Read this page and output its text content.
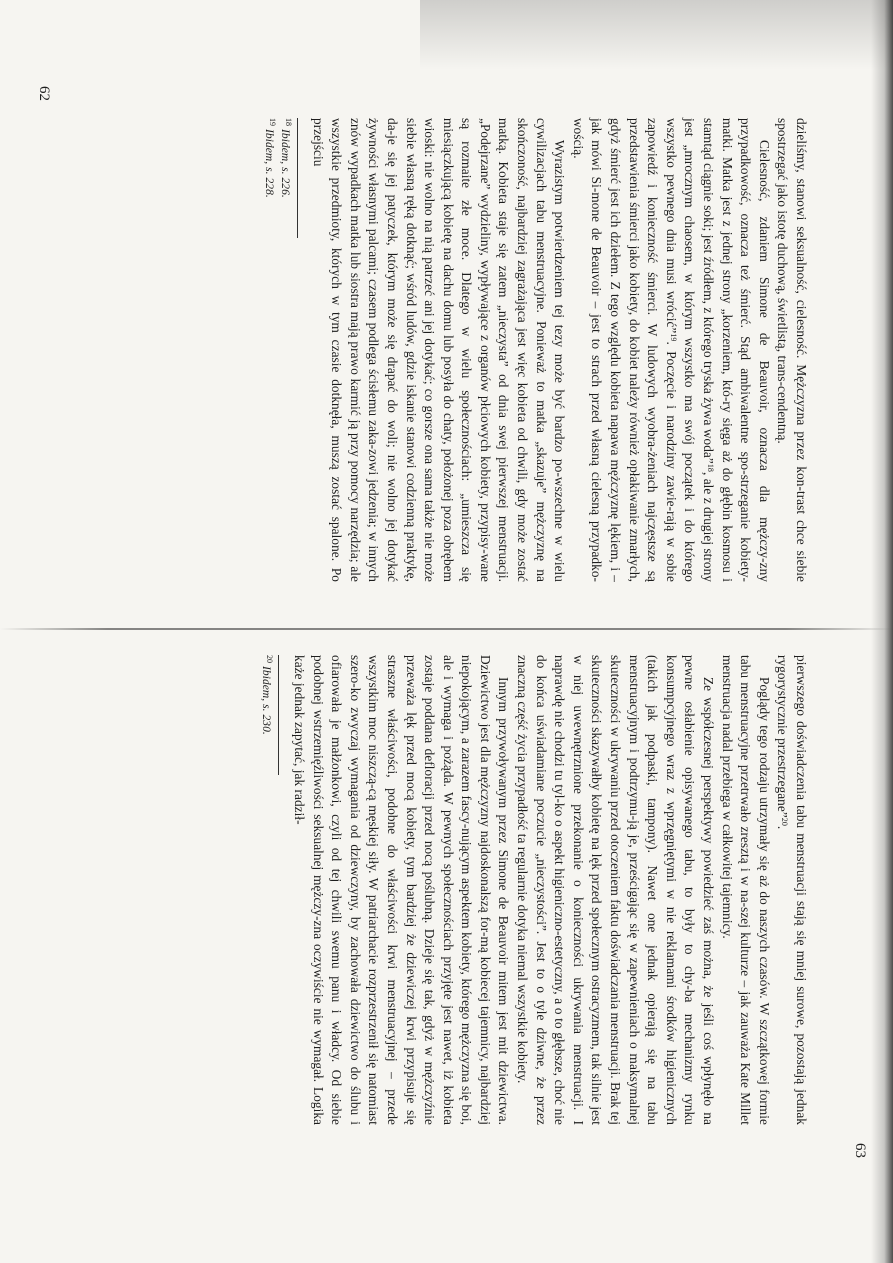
dzieliśmy, stanowi seksualność, cielesność. Mężczyzna przez kon-trast chce siebie spostrzegać jako istotę duchową, świetlistą, trans-cendentną.

Cielesność, zdaniem Simone de Beauvoir, oznacza dla mężczy-zny przypadkowość, oznacza też śmierć. Stąd ambiwalentne spo-strzeganie kobiety-matki. Matka jest z jednej strony „korzeniem, któ-ry sięga aż do głębin kosmosu i stamtąd ciągnie soki; jest źródłem, z którego tryska żywa woda”$^{18}$, ale z drugiej strony jest „mrocznym chaosem, w którym wszystko ma swój początek i do którego wszystko pewnego dnia musi wrócić”$^{19}$. Poczęcie i narodziny zawie-rają w sobie zapowiedź i konieczność śmierci. W ludowych wyobra-żeniach najczęstsze są przedstawienia śmierci jako kobiety, do kobiet należy również opłakiwanie zmarłych, gdyż śmierć jest ich dziełem. Z tego względu kobieta napawa mężczyznę lękiem, i – jak mówi Si-mone de Beauvoir – jest to strach przed własną cielesną przypadko-wością.

Wyrazistym potwierdzeniem tej tezy może być bardzo po-wszechne w wielu cywilizacjach tabu menstruacyjne. Ponieważ to matka „skazuje” mężczyznę na skończoność, najbardziej zagrażająca jest więc kobieta od chwili, gdy może zostać matką. Kobieta staje się zatem „nieczysta” od dnia swej pierwszej menstruacji. „Podejrzane” wydzieliny, wypływające z organów płciowych kobiety, przypisy-wane są rozmaite złe moce. Dlatego w wielu społecznościach: „umieszcza się miesiączkującą kobietę na dachu domu lub posyła do chaty, położonej poza obrębem wioski: nie wolno na nią patrzeć ani jej dotykać; co gorsze ona sama także nie może siebie własną ręką dotknąć; wśród ludów, gdzie iskanie stanowi codzienną praktykę, da-je się jej patyczek, którym może się drapać do woli; nie wolno jej dotykać żywności własnymi palcami; czasem podlega ścisłemu zaka-zowi jedzenia; w innych znów wypadkach matka lub siostra mają prawo karmić ją przy pomocy narzędzia; ale wszystkie przedmioty, których w tym czasie dotknęła, muszą zostać spalone. Po przejściu

$^{18}$ Ibidem, s. 226.
$^{19}$ Ibidem, s. 228.
62

pierwszego doświadczenia tabu menstruacji stają się mniej surowe, pozostają jednak rygorystycznie przestrzegane”$^{20}$.

Poglądy tego rodzaju utrzymały się aż do naszych czasów. W szczątkowej formie tabu menstruacyjne przetrwało zresztą i w na-szej kulturze – jak zauważa Kate Millet menstruacja nadal przebiega w całkowitej tajemnicy.

Ze współczesnej perspektywy powiedzieć zaś można, że jeśli coś wpłynęło na pewne osłabienie opisywanego tabu, to były to chy-ba mechanizmy rynku konsumpcyjnego wraz z wprzęgniętymi w nie reklamami środków higienicznych (takich jak podpaski, tampony). Nawet one jednak opierają się na tabu menstruacyjnym i podtrzymu-ją je, prześcigając się w zapewnieniach o maksymalnej skuteczności w ukrywaniu przed otoczeniem faktu doświadczania menstruacji. Brak tej skuteczności skazywałby kobietę na lęk przed społecznym ostracyzmem, tak silnie jest w niej uwewnętrznione przekonanie o konieczności ukrywania menstruacji. I naprawdę nie chodzi tu tyl-ko o aspekt higieniczno-estetyczny, a o to głębsze, choć nie do końca uświadamiane poczucie „nieczystości”. Jest to o tyle dziwne, że przez znaczną część życia przypadłość ta regularnie dotyka niemal wszystkie kobiety.

Innym przywoływanym przez Simone de Beauvoir mitem jest mit dziewictwa. Dziewictwo jest dla mężczyzny najdoskonalszą for-mą kobiecej tajemnicy, najbardziej niepokojącym, a zarazem fascy-nującym aspektem kobiety, którego mężczyzna się boi, ale i wymaga i pożąda. W pewnych społecznościach przyjęte jest nawet, iż kobieta zostaje poddana defloracji przed nocą poślubną. Dzieje się tak, gdyż w mężczyźnie przeważa lęk przed mocą kobiety, tym bardziej że dziewiczej krwi przypisuje się straszne właściwości, podobne do właściwości krwi menstruacyjnej – przede wszystkim moc niszczą-cą męskiej siły. W patriarchacie rozprzestrzenił się natomiast szero-ko zwyczaj wymagania od dziewczyny, by zachowała dziewictwo do ślubu i ofiarowała je małżonkowi, czyli od tej chwili swemu panu i władcy. Od siebie podobnej wstrzemięźliwości seksualnej mężczy-zna oczywiście nie wymagał. Logika każe jednak zapytać, jak radził-

$^{20}$ Ibidem, s. 230.
63
